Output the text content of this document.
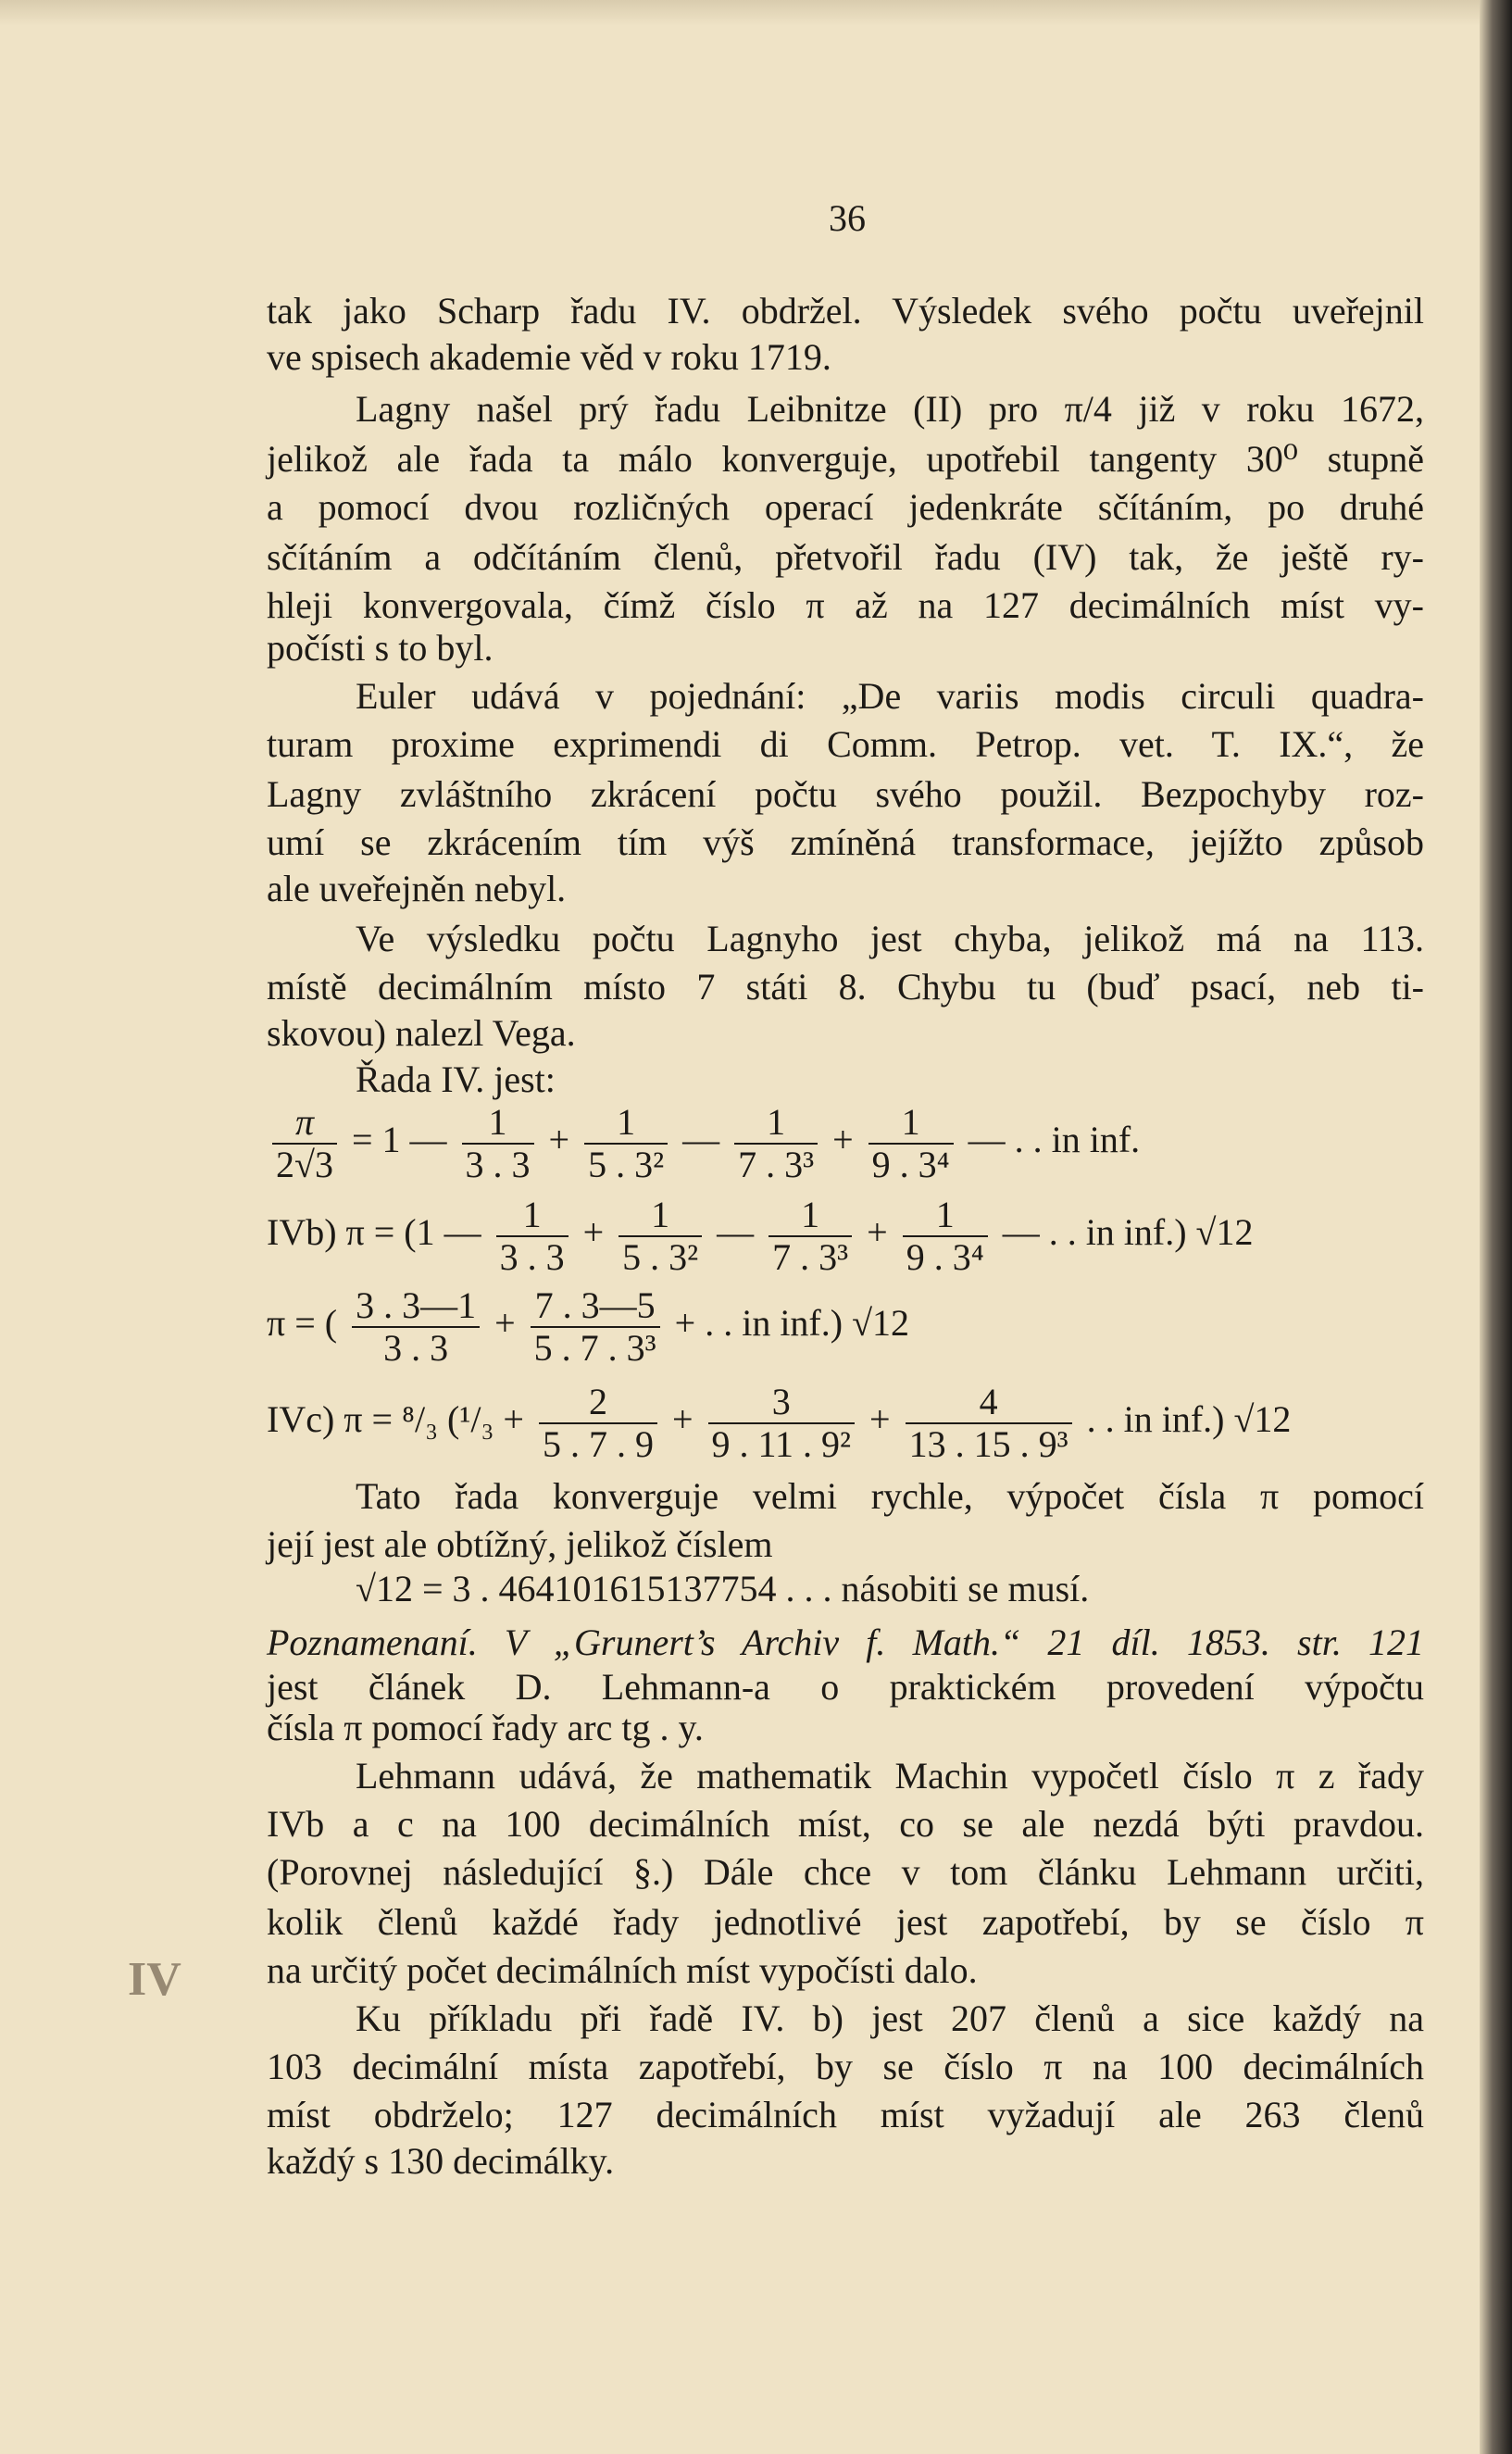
36
tak jako Scharp řadu IV. obdržel. Výsledek svého počtu uveřejnil
ve spisech akademie věd v roku 1719.
Lagny našel prý řadu Leibnitze (II) pro π/4 již v roku 1672,
jelikož ale řada ta málo konverguje, upotřebil tangenty 30⁰ stupně
a pomocí dvou rozličných operací jedenkráte sčítáním, po druhé
sčítáním a odčítáním členů, přetvořil řadu (IV) tak, že ještě ry-
hleji konvergovala, čímž číslo π až na 127 decimálních míst vy-
počísti s to byl.
Euler udává v pojednání: „De variis modis circuli quadra-
turam proxime exprimendi di Comm. Petrop. vet. T. IX.“, že
Lagny zvláštního zkrácení počtu svého použil. Bezpochyby roz-
umí se zkrácením tím výš zmíněná transformace, jejížto způsob
ale uveřejněn nebyl.
Ve výsledku počtu Lagnyho jest chyba, jelikož má na 113.
místě decimálním místo 7 státi 8. Chybu tu (buď psací, neb ti-
skovou) nalezl Vega.
Řada IV. jest:
$\frac{\pi}{2√3} = 1$ — $\frac{1}{3 . 3} + \frac{1}{\text{5 . 3²}}$ — $\frac{1}{\text{7 . 3³}} + \frac{1}{\text{9 . 3⁴}}$ — . . in inf.
IVb) π = (1 — $\frac{1}{3 . 3} + \frac{1}{\text{5 . 3²}}$ — $\frac{1}{\text{7 . 3³}} + \frac{1}{\text{9 . 3⁴}}$ — . . in inf.) √12
π = ( $\frac{3 . 3—1}{3 . 3} + \frac{7 . 3—5}{\text{5 . 7 . 3³}}$ + . . in inf.) √12
IVc) π = ⁸/₃ ($^1/_3 + \frac{2}{5 . 7 . 9} + \frac{3}{\text{9 . 11 . 9²}} + \frac{4}{\text{13 . 15 . 9³}}$ . . in inf.) √12
Tato řada konverguje velmi rychle, výpočet čísla π pomocí
její jest ale obtížný, jelikož číslem
√12 = 3 . 464101615137754 . . . násobiti se musí.
Poznamenaní. V „Grunert’s Archiv f. Math.“ 21 díl. 1853. str. 121
jest článek D. Lehmann-a o praktickém provedení výpočtu
čísla π pomocí řady arc tg . y.
Lehmann udává, že mathematik Machin vypočetl číslo π z řady
IVb a c na 100 decimálních míst, co se ale nezdá býti pravdou.
(Porovnej následující §.) Dále chce v tom článku Lehmann určiti,
kolik členů každé řady jednotlivé jest zapotřebí, by se číslo π
na určitý počet decimálních míst vypočísti dalo.
Ku příkladu při řadě IV. b) jest 207 členů a sice každý na
103 decimální místa zapotřebí, by se číslo π na 100 decimálních
míst obdrželo; 127 decimálních míst vyžadují ale 263 členů
každý s 130 decimálky.
IV
